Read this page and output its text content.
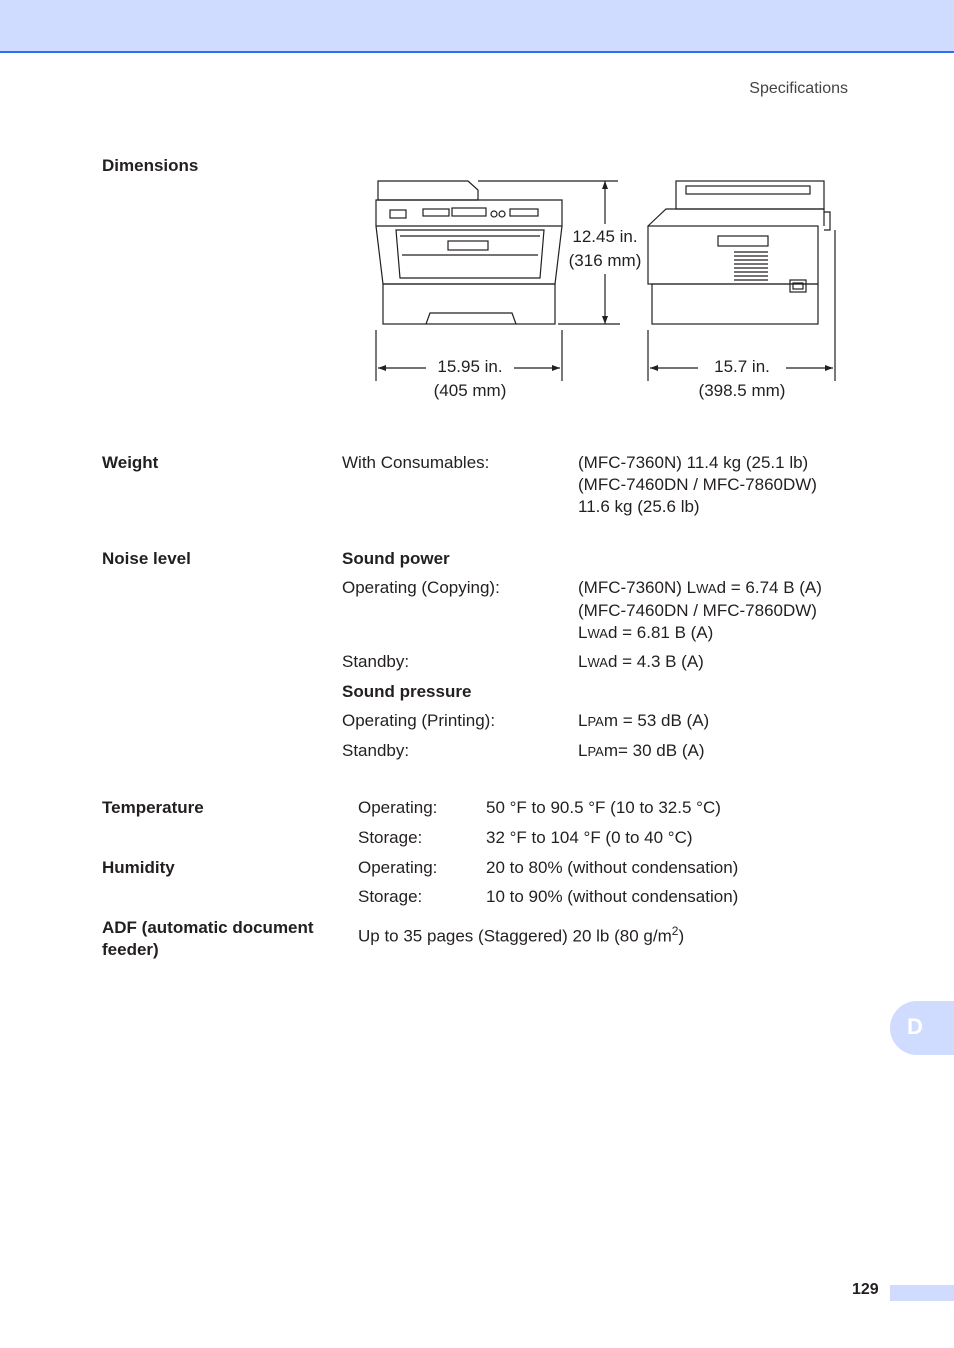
Specifications
Dimensions
12.45 in.
(316 mm)
15.95 in.
(405 mm)
15.7 in.
(398.5 mm)
Weight	With Consumables:	(MFC-7360N) 11.4 kg (25.1 lb)
(MFC-7460DN / MFC-7860DW)
11.6 kg (25.6 lb)
Noise level	Sound power
Operating (Copying):	(MFC-7360N) LWAd = 6.74 B (A)
(MFC-7460DN / MFC-7860DW)
LWAd = 6.81 B (A)
Standby:	LWAd = 4.3 B (A)
Sound pressure
Operating (Printing):	LPAm = 53 dB (A)
Standby:	LPAm= 30 dB (A)
Temperature	Operating:	50 °F to 90.5 °F (10 to 32.5 °C)
Storage:	32 °F to 104 °F (0 to 40 °C)
Humidity	Operating:	20 to 80% (without condensation)
Storage:	10 to 90% (without condensation)
ADF (automatic document
feeder)
Up to 35 pages (Staggered) 20 lb (80 $g/m^2$)
D
129
